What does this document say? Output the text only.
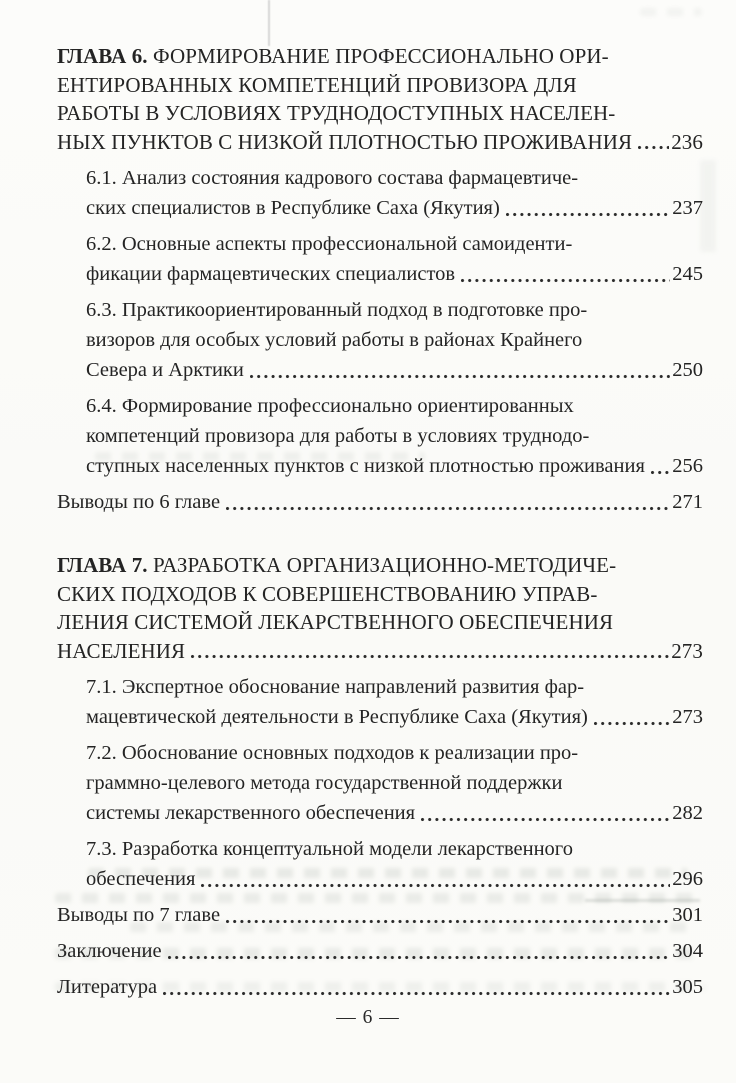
ГЛАВА 6. ФОРМИРОВАНИЕ ПРОФЕССИОНАЛЬНО ОРИ-
ЕНТИРОВАННЫХ КОМПЕТЕНЦИЙ ПРОВИЗОРА ДЛЯ
РАБОТЫ В УСЛОВИЯХ ТРУДНОДОСТУПНЫХ НАСЕЛЕН-
НЫХ ПУНКТОВ С НИЗКОЙ ПЛОТНОСТЬЮ ПРОЖИВАНИЯ 236
6.1. Анализ состояния кадрового состава фармацевтиче-
ских специалистов в Республике Саха (Якутия)	237
6.2. Основные аспекты профессиональной самоиденти-
фикации фармацевтических специалистов	245
6.3. Практикоориентированный подход в подготовке про-
визоров для особых условий работы в районах Крайнего
Севера и Арктики	250
6.4. Формирование профессионально ориентированных
компетенций провизора для работы в условиях труднодо-
ступных населенных пунктов с низкой плотностью проживания 256
Выводы по 6 главе	271
ГЛАВА 7. РАЗРАБОТКА ОРГАНИЗАЦИОННО-МЕТОДИЧЕ-
СКИХ ПОДХОДОВ К СОВЕРШЕНСТВОВАНИЮ УПРАВ-
ЛЕНИЯ СИСТЕМОЙ ЛЕКАРСТВЕННОГО ОБЕСПЕЧЕНИЯ
НАСЕЛЕНИЯ	273
7.1. Экспертное обоснование направлений развития фар-
мацевтической деятельности в Республике Саха (Якутия)	273
7.2. Обоснование основных подходов к реализации про-
граммно-целевого метода государственной поддержки
системы лекарственного обеспечения	282
7.3. Разработка концептуальной модели лекарственного
обеспечения	296
Выводы по 7 главе	301
Заключение	304
Литература	305
— 6 —
